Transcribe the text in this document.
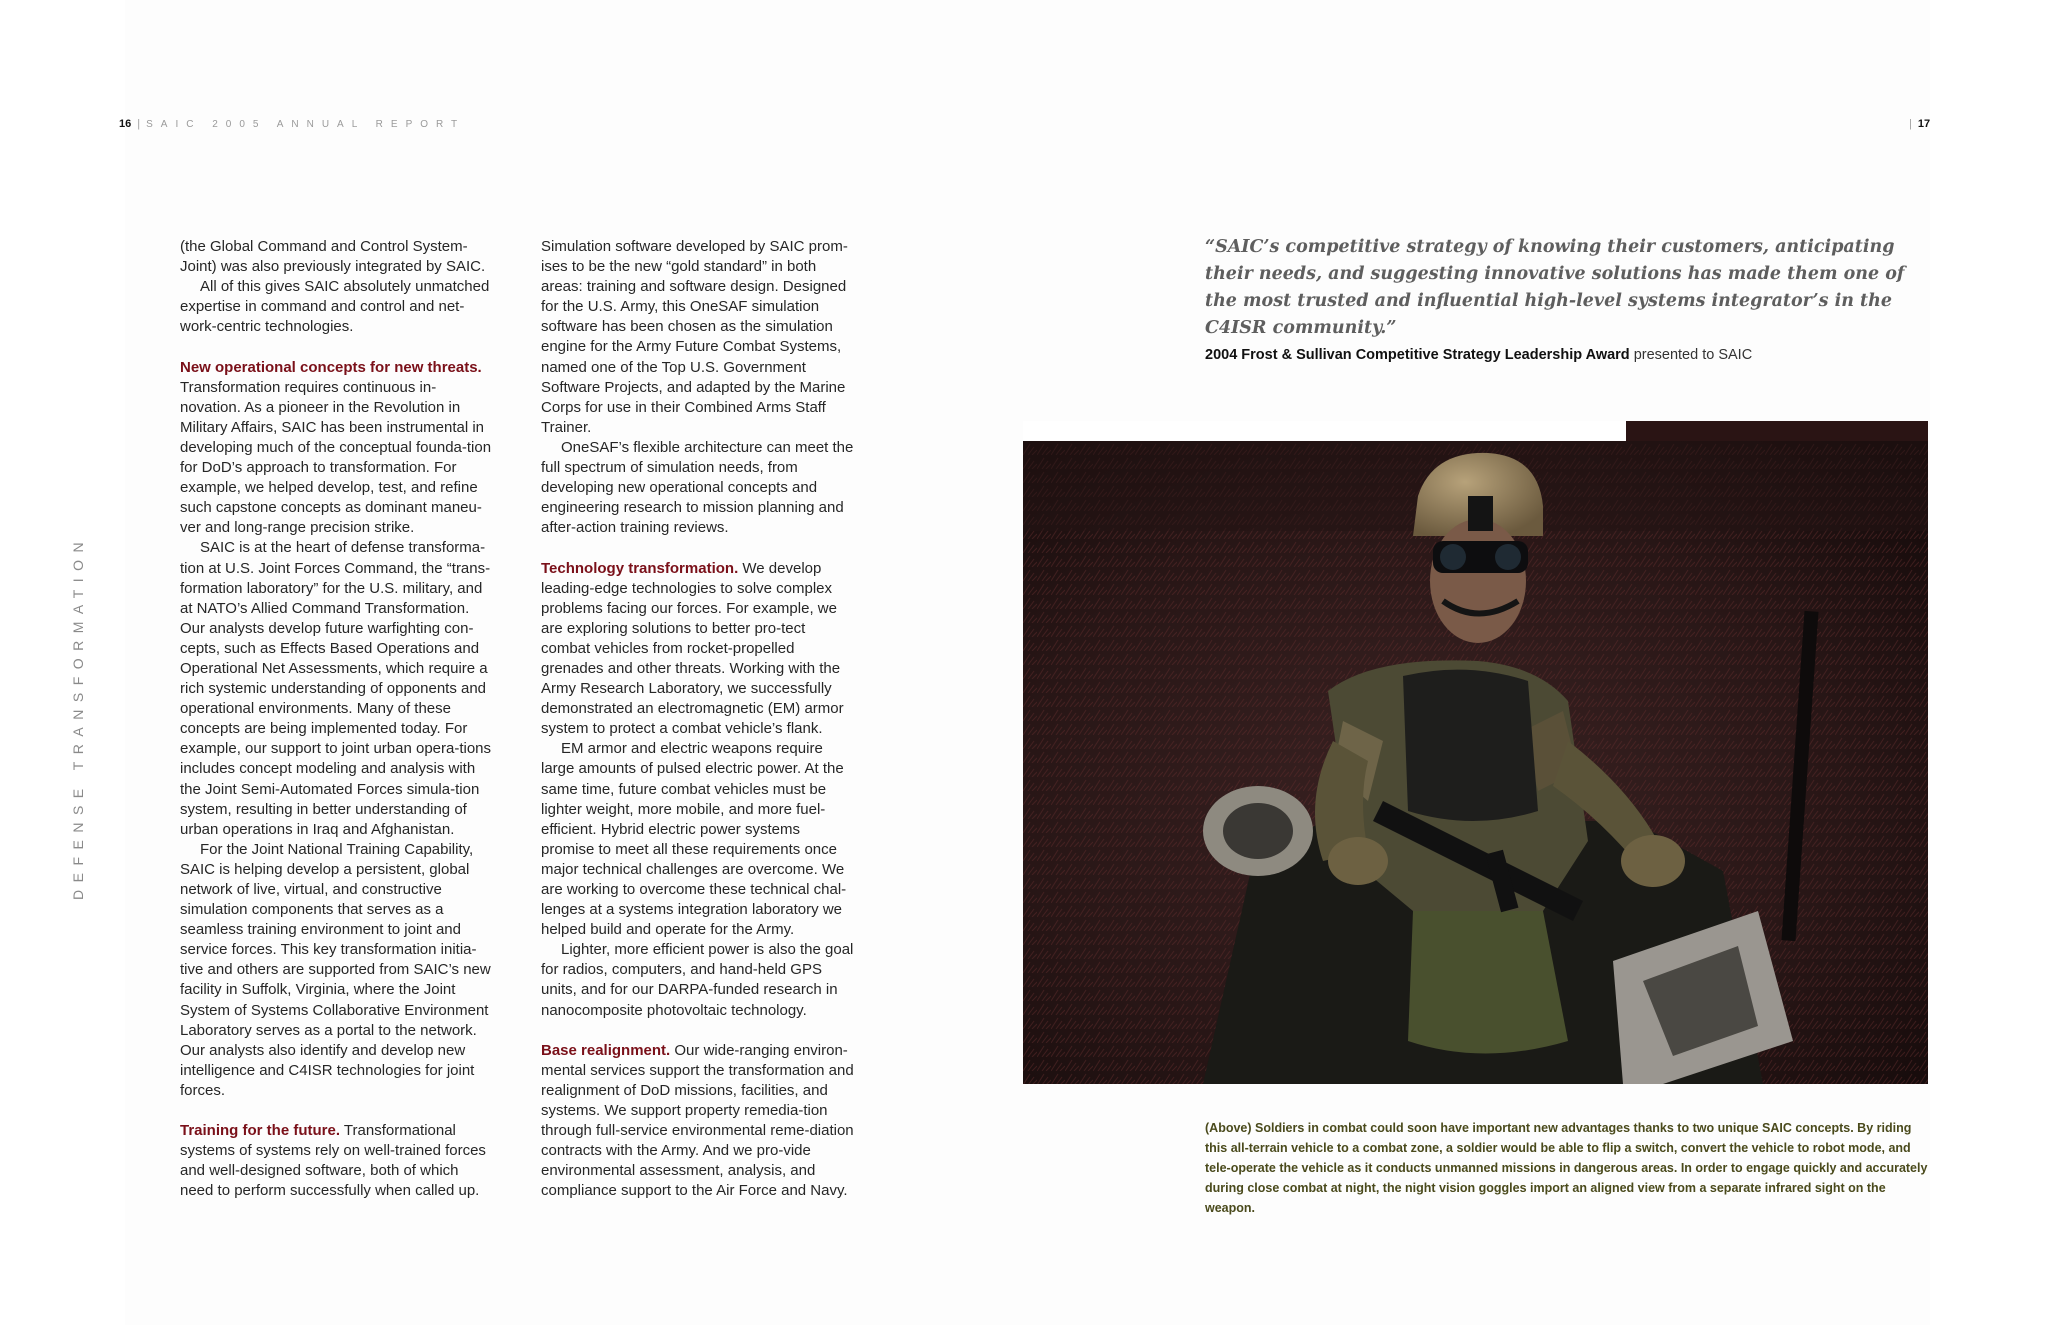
16 | SAIC 2005 ANNUAL REPORT	| 17
DEFENSE TRANSFORMATION

(the Global Command and Control System-Joint) was also previously integrated by SAIC.

All of this gives SAIC absolutely unmatched expertise in command and control and net-work-centric technologies.

New operational concepts for new threats. Transformation requires continuous in-novation. As a pioneer in the Revolution in Military Affairs, SAIC has been instrumental in developing much of the conceptual founda-tion for DoD’s approach to transformation. For example, we helped develop, test, and refine such capstone concepts as dominant maneu-ver and long-range precision strike.

SAIC is at the heart of defense transforma-tion at U.S. Joint Forces Command, the “trans-formation laboratory” for the U.S. military, and at NATO’s Allied Command Transformation. Our analysts develop future warfighting con-cepts, such as Effects Based Operations and Operational Net Assessments, which require a rich systemic understanding of opponents and operational environments. Many of these concepts are being implemented today. For example, our support to joint urban opera-tions includes concept modeling and analysis with the Joint Semi-Automated Forces simula-tion system, resulting in better understanding of urban operations in Iraq and Afghanistan.

For the Joint National Training Capability, SAIC is helping develop a persistent, global network of live, virtual, and constructive simulation components that serves as a seamless training environment to joint and service forces. This key transformation initia-tive and others are supported from SAIC’s new facility in Suffolk, Virginia, where the Joint System of Systems Collaborative Environment Laboratory serves as a portal to the network. Our analysts also identify and develop new intelligence and C4ISR technologies for joint forces.

Training for the future. Transformational systems of systems rely on well-trained forces and well-designed software, both of which need to perform successfully when called up.

Simulation software developed by SAIC prom-ises to be the new “gold standard” in both areas: training and software design. Designed for the U.S. Army, this OneSAF simulation software has been chosen as the simulation engine for the Army Future Combat Systems, named one of the Top U.S. Government Software Projects, and adapted by the Marine Corps for use in their Combined Arms Staff Trainer.

OneSAF’s flexible architecture can meet the full spectrum of simulation needs, from developing new operational concepts and engineering research to mission planning and after-action training reviews.

Technology transformation. We develop leading-edge technologies to solve complex problems facing our forces. For example, we are exploring solutions to better pro-tect combat vehicles from rocket-propelled grenades and other threats. Working with the Army Research Laboratory, we successfully demonstrated an electromagnetic (EM) armor system to protect a combat vehicle’s flank.

EM armor and electric weapons require large amounts of pulsed electric power. At the same time, future combat vehicles must be lighter weight, more mobile, and more fuel-efficient. Hybrid electric power systems promise to meet all these requirements once major technical challenges are overcome. We are working to overcome these technical chal-lenges at a systems integration laboratory we helped build and operate for the Army.

Lighter, more efficient power is also the goal for radios, computers, and hand-held GPS units, and for our DARPA-funded research in nanocomposite photovoltaic technology.

Base realignment. Our wide-ranging environ-mental services support the transformation and realignment of DoD missions, facilities, and systems. We support property remedia-tion through full-service environmental reme-diation contracts with the Army. And we pro-vide environmental assessment, analysis, and compliance support to the Air Force and Navy.

“SAIC’s competitive strategy of knowing their customers, anticipating their needs, and suggesting innovative solutions has made them one of the most trusted and influential high-level systems integrator’s in the C4ISR community.”

2004 Frost & Sullivan Competitive Strategy Leadership Award presented to SAIC

(Above) Soldiers in combat could soon have important new advantages thanks to two unique SAIC concepts. By riding this all-terrain vehicle to a combat zone, a soldier would be able to flip a switch, convert the vehicle to robot mode, and tele-operate the vehicle as it conducts unmanned missions in dangerous areas. In order to engage quickly and accurately during close combat at night, the night vision goggles import an aligned view from a separate infrared sight on the weapon.
